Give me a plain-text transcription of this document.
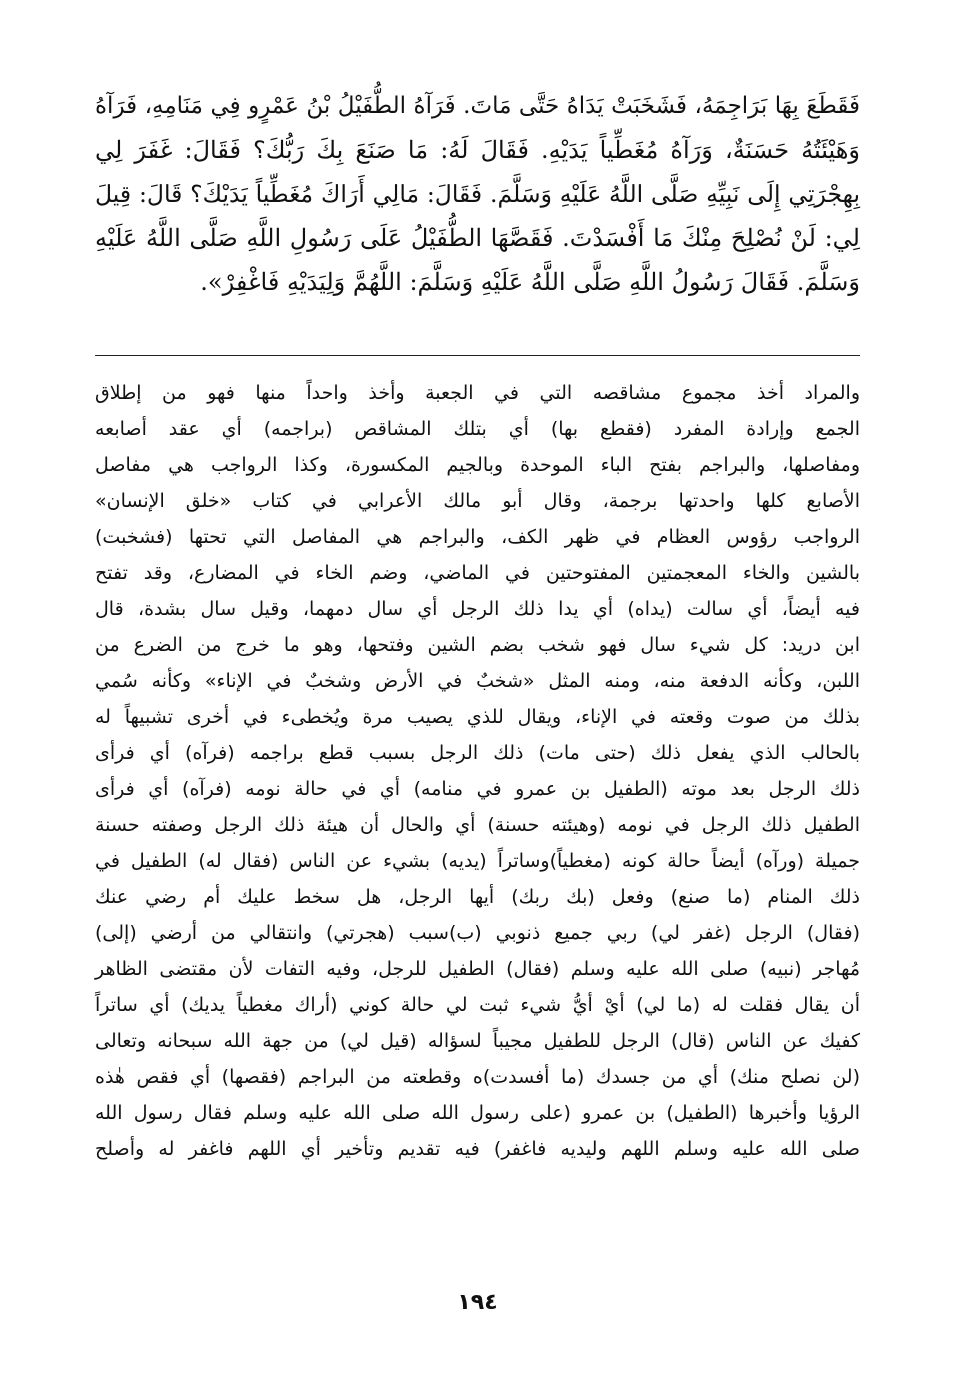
فَقَطَعَ بِهَا بَرَاجِمَهُ، فَشَخَبَتْ يَدَاهُ حَتَّى مَاتَ. فَرَآهُ الطُّفَيْلُ بْنُ عَمْرٍو فِي مَنَامِهِ، فَرَآهُ
وَهَيْئَتُهُ حَسَنَةٌ، وَرَآهُ مُغَطِّياً يَدَيْهِ. فَقَالَ لَهُ: مَا صَنَعَ بِكَ رَبُّكَ؟ فَقَالَ: غَفَرَ لِي
بِهِجْرَتِي إِلَى نَبِيِّهِ صَلَّى اللَّهُ عَلَيْهِ وَسَلَّمَ. فَقَالَ: مَالِي أَرَاكَ مُغَطِّياً يَدَيْكَ؟ قَالَ: قِيلَ
لِي: لَنْ نُصْلِحَ مِنْكَ مَا أَفْسَدْتَ. فَقَصَّهَا الطُّفَيْلُ عَلَى رَسُولِ اللَّهِ صَلَّى اللَّهُ عَلَيْهِ
وَسَلَّمَ. فَقَالَ رَسُولُ اللَّهِ صَلَّى اللَّهُ عَلَيْهِ وَسَلَّمَ: اللَّهُمَّ وَلِيَدَيْهِ فَاغْفِرْ».
والمراد أخذ مجموع مشاقصه التي في الجعبة وأخذ واحداً منها فهو من إطلاق
الجمع وإرادة المفرد (فقطع بها) أي بتلك المشاقص (براجمه) أي عقد أصابعه
ومفاصلها، والبراجم بفتح الباء الموحدة وبالجيم المكسورة، وكذا الرواجب هي مفاصل
الأصابع كلها واحدتها برجمة، وقال أبو مالك الأعرابي في كتاب «خلق الإنسان»
الرواجب رؤوس العظام في ظهر الكف، والبراجم هي المفاصل التي تحتها (فشخبت)
بالشين والخاء المعجمتين المفتوحتين في الماضي، وضم الخاء في المضارع، وقد تفتح
فيه أيضاً، أي سالت (يداه) أي يدا ذلك الرجل أي سال دمهما، وقيل سال بشدة، قال
ابن دريد: كل شيء سال فهو شخب بضم الشين وفتحها، وهو ما خرج من الضرع من
اللبن، وكأنه الدفعة منه، ومنه المثل «شخبٌ في الأرض وشخبٌ في الإناء» وكأنه سُمي
بذلك من صوت وقعته في الإناء، ويقال للذي يصيب مرة ويُخطىء في أخرى تشبيهاً له
بالحالب الذي يفعل ذلك (حتى مات) ذلك الرجل بسبب قطع براجمه (فرآه) أي فرأى
ذلك الرجل بعد موته (الطفيل بن عمرو في منامه) أي في حالة نومه (فرآه) أي فرأى
الطفيل ذلك الرجل في نومه (وهيئته حسنة) أي والحال أن هيئة ذلك الرجل وصفته حسنة
جميلة (ورآه) أيضاً حالة كونه (مغطياً)وساتراً (يديه) بشيء عن الناس (فقال له) الطفيل في
ذلك المنام (ما صنع) وفعل (بك ربك) أيها الرجل، هل سخط عليك أم رضي عنك
(فقال) الرجل (غفر لي) ربي جميع ذنوبي (ب)سبب (هجرتي) وانتقالي من أرضي (إلى)
مُهاجر (نبيه) صلى الله عليه وسلم (فقال) الطفيل للرجل، وفيه التفات لأن مقتضى الظاهر
أن يقال فقلت له (ما لي) أيْ أيُّ شيء ثبت لي حالة كوني (أراك مغطياً يديك) أي ساتراً
كفيك عن الناس (قال) الرجل للطفيل مجيباً لسؤاله (قيل لي) من جهة الله سبحانه وتعالى
(لن نصلح منك) أي من جسدك (ما أفسدت)ه وقطعته من البراجم (فقصها) أي فقص هٰذه
الرؤيا وأخبرها (الطفيل) بن عمرو (على رسول الله صلى الله عليه وسلم فقال رسول الله
صلى الله عليه وسلم اللهم وليديه فاغفر) فيه تقديم وتأخير أي اللهم فاغفر له وأصلح
١٩٤
